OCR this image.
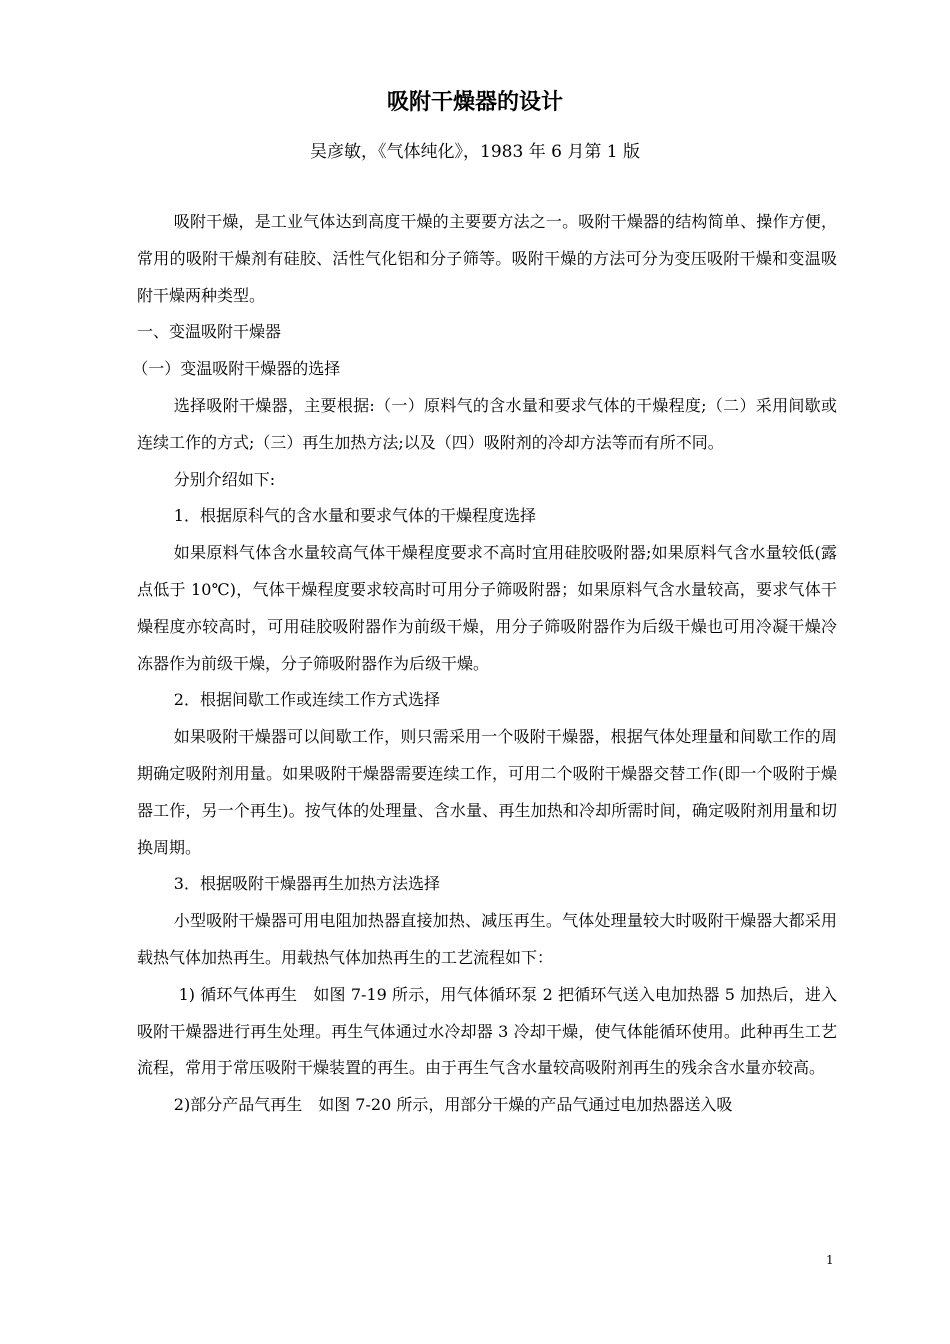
吸附干燥器的设计

吴彦敏，《气体纯化》，1983 年 6 月第 1 版

吸附干燥，是工业气体达到高度干燥的主要要方法之一。吸附干燥器的结构简单、操作方便，常用的吸附干燥剂有硅胶、活性气化铝和分子筛等。吸附干燥的方法可分为变压吸附干燥和变温吸附干燥两种类型。

一、变温吸附干燥器

（一）变温吸附干燥器的选择

选择吸附干燥器，主要根据:（一）原料气的含水量和要求气体的干燥程度;（二）采用间歇或连续工作的方式;（三）再生加热方法;以及（四）吸附剂的冷却方法等而有所不同。

分别介绍如下:

1．根据原科气的含水量和要求气体的干燥程度选择

如果原料气体含水量较高气体干燥程度要求不高时宜用硅胶吸附器;如果原料气含水量较低(露点低于 10℃)，气体干燥程度要求较高时可用分子筛吸附器；如果原料气含水量较高，要求气体干燥程度亦较高时，可用硅胶吸附器作为前级干燥，用分子筛吸附器作为后级干燥也可用冷凝干燥冷冻器作为前级干燥，分子筛吸附器作为后级干燥。

2．根据间歇工作或连续工作方式选择

如果吸附干燥器可以间歇工作，则只需采用一个吸附干燥器，根据气体处理量和间歇工作的周期确定吸附剂用量。如果吸附干燥器需要连续工作，可用二个吸附干燥器交替工作(即一个吸附于燥器工作，另一个再生)。按气体的处理量、含水量、再生加热和冷却所需时间，确定吸附剂用量和切换周期。

3．根据吸附干燥器再生加热方法选择

小型吸附干燥器可用电阻加热器直接加热、减压再生。气体处理量较大时吸附干燥器大都采用载热气体加热再生。用载热气体加热再生的工艺流程如下：

1) 循环气体再生　如图 7-19 所示，用气体循环泵 2 把循环气送入电加热器 5 加热后，进入吸附干燥器进行再生处理。再生气体通过水冷却器 3 冷却干燥，使气体能循环使用。此种再生工艺流程，常用于常压吸附干燥装置的再生。由于再生气含水量较高吸附剂再生的残余含水量亦较高。

2)部分产品气再生　如图 7-20 所示，用部分干燥的产品气通过电加热器送入吸

1
